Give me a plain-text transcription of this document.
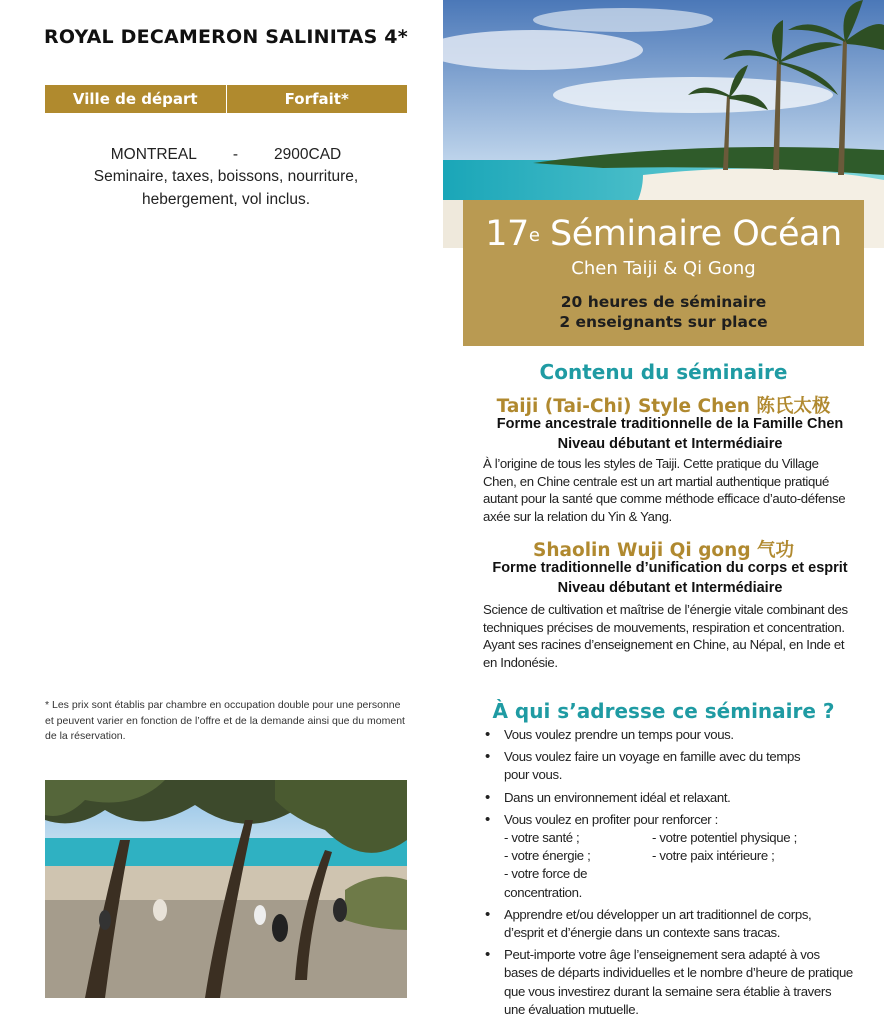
ROYAL DECAMERON SALINITAS 4*
Ville de départ	Forfait*
MONTREAL - 2900CAD
Seminaire, taxes, boissons, nourriture, hebergement, vol inclus.
* Les prix sont établis par chambre en occupation double pour une personne et peuvent varier en fonction de l’offre et de la demande ainsi que du moment de la réservation.
17e Séminaire Océan
Chen Taiji & Qi Gong
20 heures de séminaire
2 enseignants sur place
Contenu du séminaire
Taiji (Tai-Chi) Style Chen 陈氏太极
Forme ancestrale traditionnelle de la Famille Chen
Niveau débutant et Intermédiaire
À l’origine de tous les styles de Taiji. Cette pratique du Village Chen, en Chine centrale est un art martial authentique pratiqué autant pour la santé que comme méthode efficace d’auto-défense axée sur la relation du Yin & Yang.
Shaolin Wuji Qi gong 气功
Forme traditionnelle d’unification du corps et esprit
Niveau débutant et Intermédiaire
Science de cultivation et maîtrise de l’énergie vitale combinant des techniques précises de mouvements, respiration et concentration. Ayant ses racines d’enseignement en Chine, au Népal, en Inde et en Indonésie.
À qui s’adresse ce séminaire ?
• Vous voulez prendre un temps pour vous.
• Vous voulez faire un voyage en famille avec du temps pour vous.
• Dans un environnement idéal et relaxant.
• Vous voulez en profiter pour renforcer :
- votre santé ;	- votre potentiel physique ;
- votre énergie ;	- votre paix intérieure ;
- votre force de concentration.
• Apprendre et/ou développer un art traditionnel de corps, d’esprit et d’énergie dans un contexte sans tracas.
• Peut-importe votre âge l’enseignement sera adapté à vos bases de départs individuelles et le nombre d’heure de pratique que vous investirez durant la semaine sera établie à travers une évaluation mutuelle.
